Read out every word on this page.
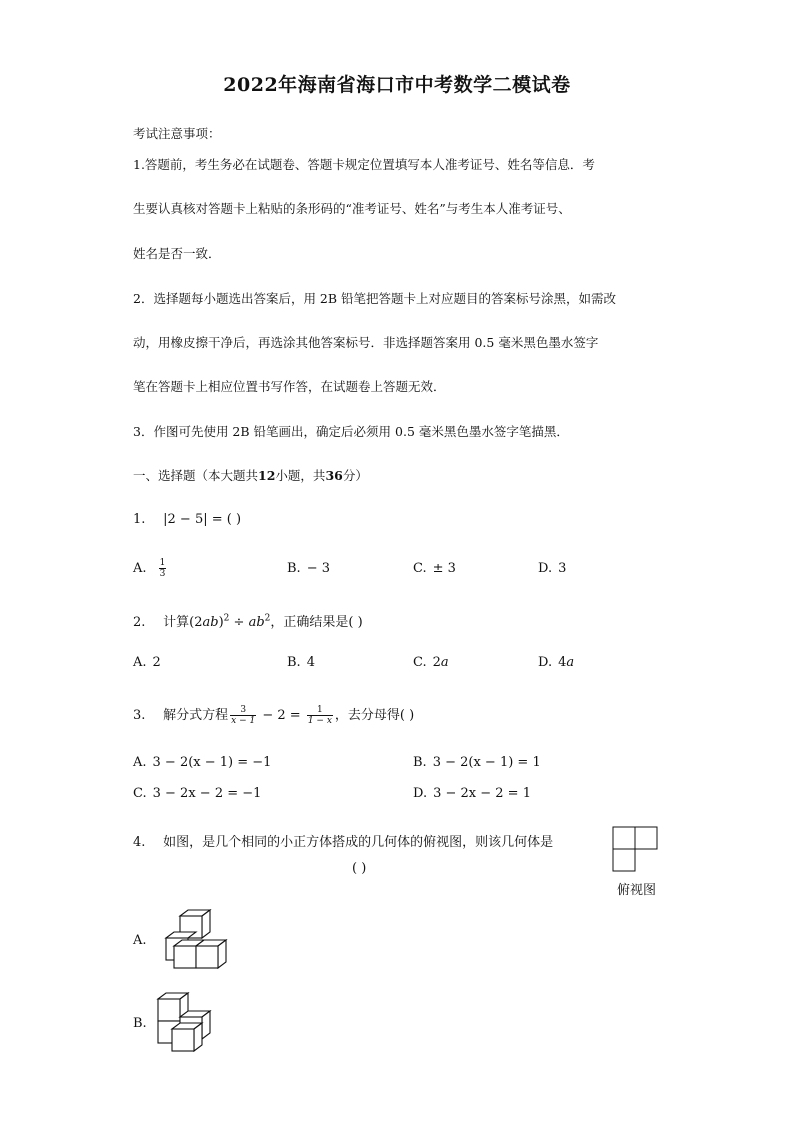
2022年海南省海口市中考数学二模试卷
考试注意事项：
1.答题前，考生务必在试题卷、答题卡规定位置填写本人准考证号、姓名等信息．考
生要认真核对答题卡上粘贴的条形码的“准考证号、姓名”与考生本人准考证号、
姓名是否一致．
2．选择题每小题选出答案后，用 2B 铅笔把答题卡上对应题目的答案标号涂黑，如需改
动，用橡皮擦干净后，再选涂其他答案标号．非选择题答案用 0.5 毫米黑色墨水签字
笔在答题卡上相应位置书写作答，在试题卷上答题无效．
3．作图可先使用 2B 铅笔画出，确定后必须用 0.5 毫米黑色墨水签字笔描黑．
一、选择题（本大题共12小题，共36分）
1. |2 − 5| = ( )
A. $\frac{1}{3}$	B. − 3	C. ± 3	D. 3
2. 计算$(2ab)^2 \div ab^2$，正确结果是( )
A. 2	B. 4	C. 2a	D. 4a
3. 解分式方程 $\frac{3}{x - 1} - 2 = \frac{1}{1 - x}$ ，去分母得( )
A. 3 − 2(x − 1) = −1	B. 3 − 2(x − 1) = 1
C. 3 − 2x − 2 = −1	D. 3 − 2x − 2 = 1
4. 如图，是几个相同的小正方体搭成的几何体的俯视图，则该几何体是
( )
俯视图
A.
B.
